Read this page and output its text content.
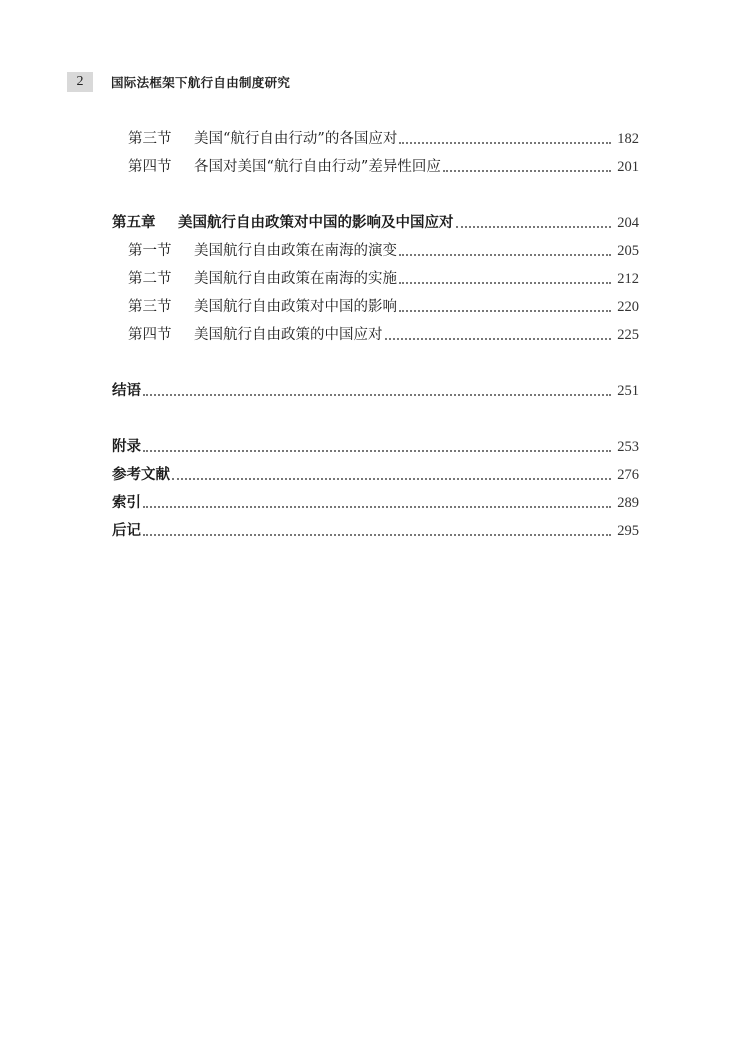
2	国际法框架下航行自由制度研究
第三节 美国“航行自由行动”的各国应对	182
第四节 各国对美国“航行自由行动”差异性回应	201
第五章 美国航行自由政策对中国的影响及中国应对	204
第一节 美国航行自由政策在南海的演变	205
第二节 美国航行自由政策在南海的实施	212
第三节 美国航行自由政策对中国的影响	220
第四节 美国航行自由政策的中国应对	225
结语	251
附录	253
参考文献	276
索引	289
后记	295
